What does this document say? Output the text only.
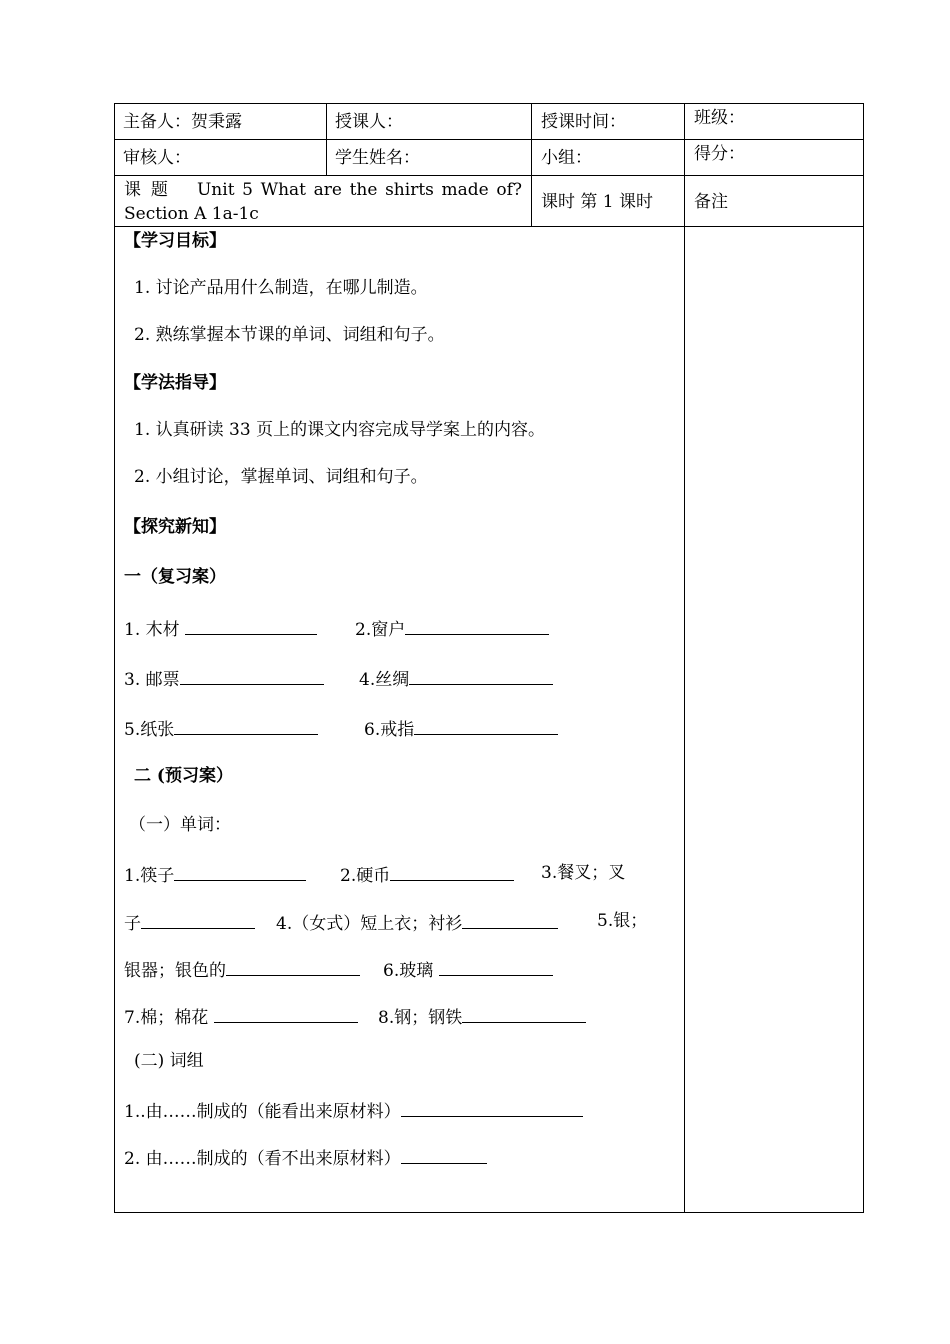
主备人：贺秉露	授课人：	授课时间：	班级：
审核人：	学生姓名：	小组：	得分：
课 题　 Unit 5 What are the shirts made of?
Section A 1a-1c
课时 第 1 课时 备注
【学习目标】
1. 讨论产品用什么制造，在哪儿制造。
2. 熟练掌握本节课的单词、词组和句子。
【学法指导】
1. 认真研读 33 页上的课文内容完成导学案上的内容。
2. 小组讨论，掌握单词、词组和句子。
【探究新知】
一（复习案）
1. 木材	2.窗户
3. 邮票	4.丝绸
5.纸张	6.戒指
二 (预习案）
（一）单词：
1.筷子	2.硬币	3.餐叉；叉
子	4.（女式）短上衣；衬衫	5.银；
银器；银色的	6.玻璃
7.棉；棉花	8.钢；钢铁
(二) 词组
1..由……制成的（能看出来原材料）
2. 由……制成的（看不出来原材料）
